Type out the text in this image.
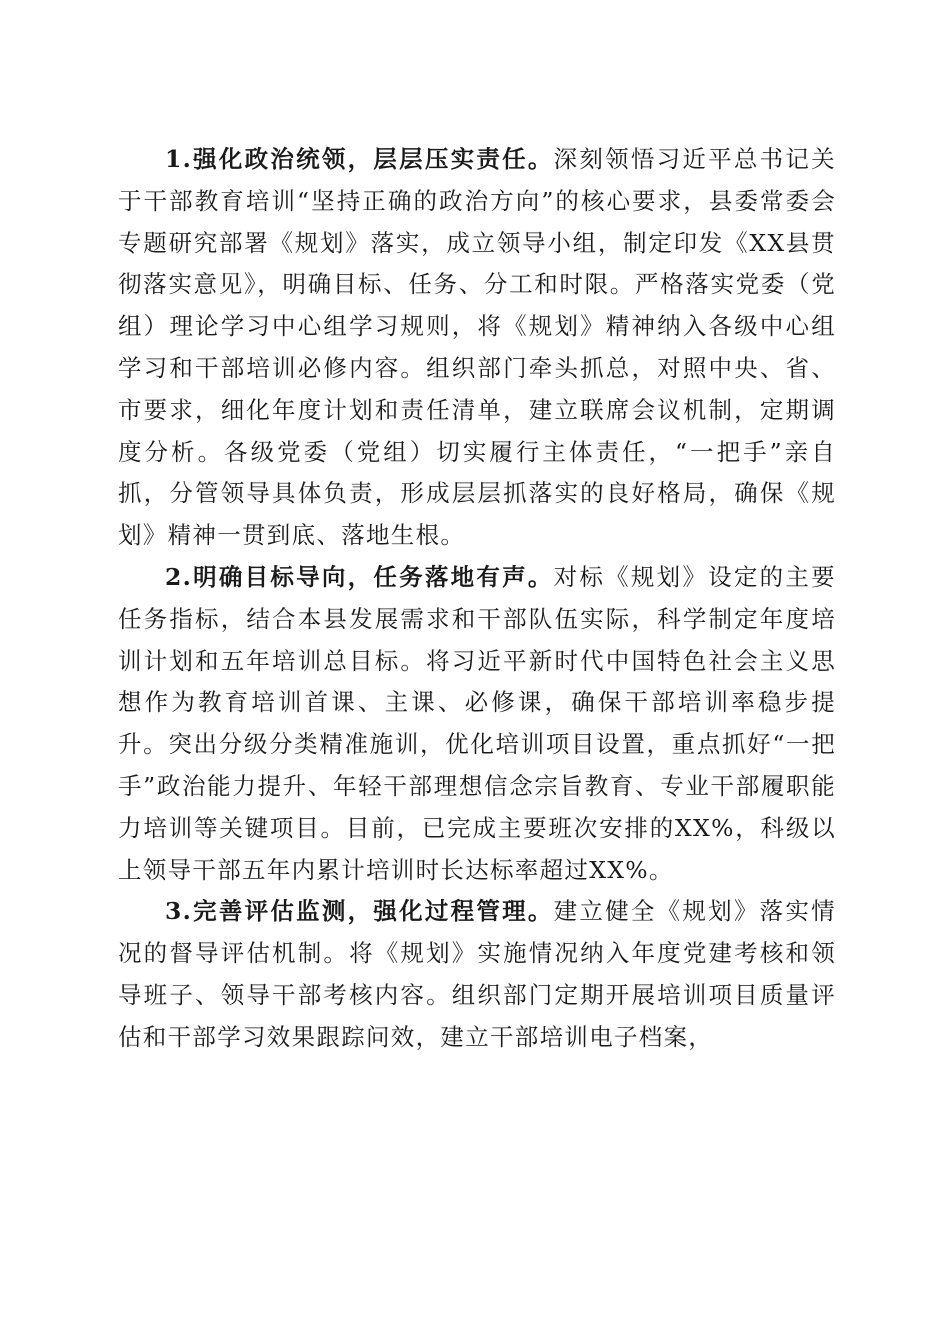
1.强化政治统领，层层压实责任。深刻领悟习近平总书记关于干部教育培训“坚持正确的政治方向”的核心要求，县委常委会专题研究部署《规划》落实，成立领导小组，制定印发《XX县贯彻落实意见》，明确目标、任务、分工和时限。严格落实党委（党组）理论学习中心组学习规则，将《规划》精神纳入各级中心组学习和干部培训必修内容。组织部门牵头抓总，对照中央、省、市要求，细化年度计划和责任清单，建立联席会议机制，定期调度分析。各级党委（党组）切实履行主体责任，“一把手”亲自抓，分管领导具体负责，形成层层抓落实的良好格局，确保《规划》精神一贯到底、落地生根。

2.明确目标导向，任务落地有声。对标《规划》设定的主要任务指标，结合本县发展需求和干部队伍实际，科学制定年度培训计划和五年培训总目标。将习近平新时代中国特色社会主义思想作为教育培训首课、主课、必修课，确保干部培训率稳步提升。突出分级分类精准施训，优化培训项目设置，重点抓好“一把手”政治能力提升、年轻干部理想信念宗旨教育、专业干部履职能力培训等关键项目。目前，已完成主要班次安排的XX%，科级以上领导干部五年内累计培训时长达标率超过XX%。

3.完善评估监测，强化过程管理。建立健全《规划》落实情况的督导评估机制。将《规划》实施情况纳入年度党建考核和领导班子、领导干部考核内容。组织部门定期开展培训项目质量评估和干部学习效果跟踪问效，建立干部培训电子档案，
